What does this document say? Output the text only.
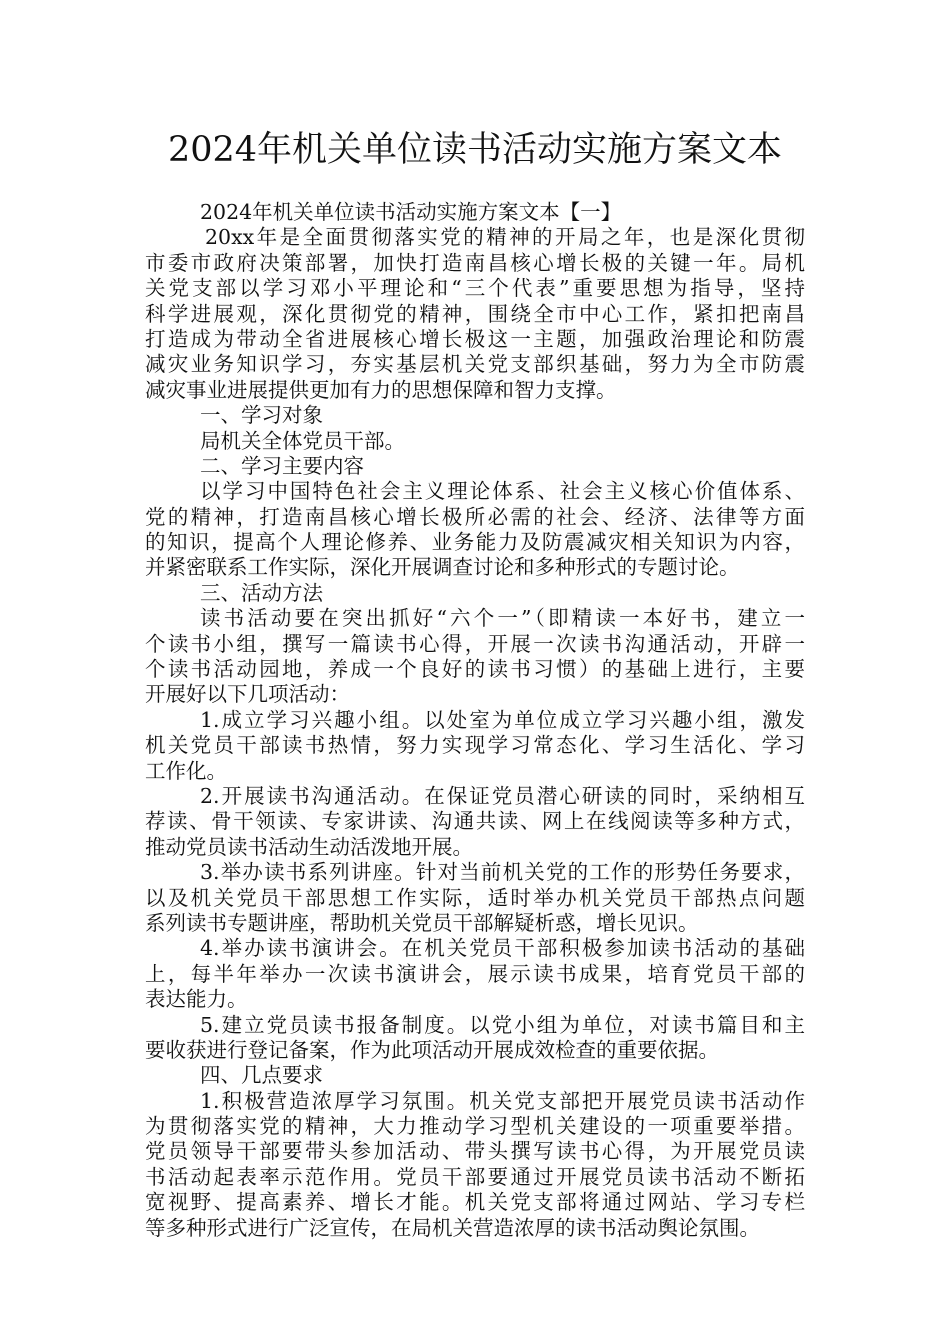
2024年机关单位读书活动实施方案文本
2024年机关单位读书活动实施方案文本【一】
20xx年是全面贯彻落实党的精神的开局之年，也是深化贯彻
市委市政府决策部署，加快打造南昌核心增长极的关键一年。局机
关党支部以学习邓小平理论和“三个代表”重要思想为指导，坚持
科学进展观，深化贯彻党的精神，围绕全市中心工作，紧扣把南昌
打造成为带动全省进展核心增长极这一主题，加强政治理论和防震
减灾业务知识学习，夯实基层机关党支部织基础，努力为全市防震
减灾事业进展提供更加有力的思想保障和智力支撑。
一、学习对象
局机关全体党员干部。
二、学习主要内容
以学习中国特色社会主义理论体系、社会主义核心价值体系、
党的精神，打造南昌核心增长极所必需的社会、经济、法律等方面
的知识，提高个人理论修养、业务能力及防震减灾相关知识为内容，
并紧密联系工作实际，深化开展调查讨论和多种形式的专题讨论。
三、活动方法
读书活动要在突出抓好“六个一”（即精读一本好书，建立一
个读书小组，撰写一篇读书心得，开展一次读书沟通活动，开辟一
个读书活动园地，养成一个良好的读书习惯）的基础上进行，主要
开展好以下几项活动：
1.成立学习兴趣小组。以处室为单位成立学习兴趣小组，激发
机关党员干部读书热情，努力实现学习常态化、学习生活化、学习
工作化。
2.开展读书沟通活动。在保证党员潜心研读的同时，采纳相互
荐读、骨干领读、专家讲读、沟通共读、网上在线阅读等多种方式，
推动党员读书活动生动活泼地开展。
3.举办读书系列讲座。针对当前机关党的工作的形势任务要求，
以及机关党员干部思想工作实际，适时举办机关党员干部热点问题
系列读书专题讲座，帮助机关党员干部解疑析惑，增长见识。
4.举办读书演讲会。在机关党员干部积极参加读书活动的基础
上，每半年举办一次读书演讲会，展示读书成果，培育党员干部的
表达能力。
5.建立党员读书报备制度。以党小组为单位，对读书篇目和主
要收获进行登记备案，作为此项活动开展成效检查的重要依据。
四、几点要求
1.积极营造浓厚学习氛围。机关党支部把开展党员读书活动作
为贯彻落实党的精神，大力推动学习型机关建设的一项重要举措。
党员领导干部要带头参加活动、带头撰写读书心得，为开展党员读
书活动起表率示范作用。党员干部要通过开展党员读书活动不断拓
宽视野、提高素养、增长才能。机关党支部将通过网站、学习专栏
等多种形式进行广泛宣传，在局机关营造浓厚的读书活动舆论氛围。
